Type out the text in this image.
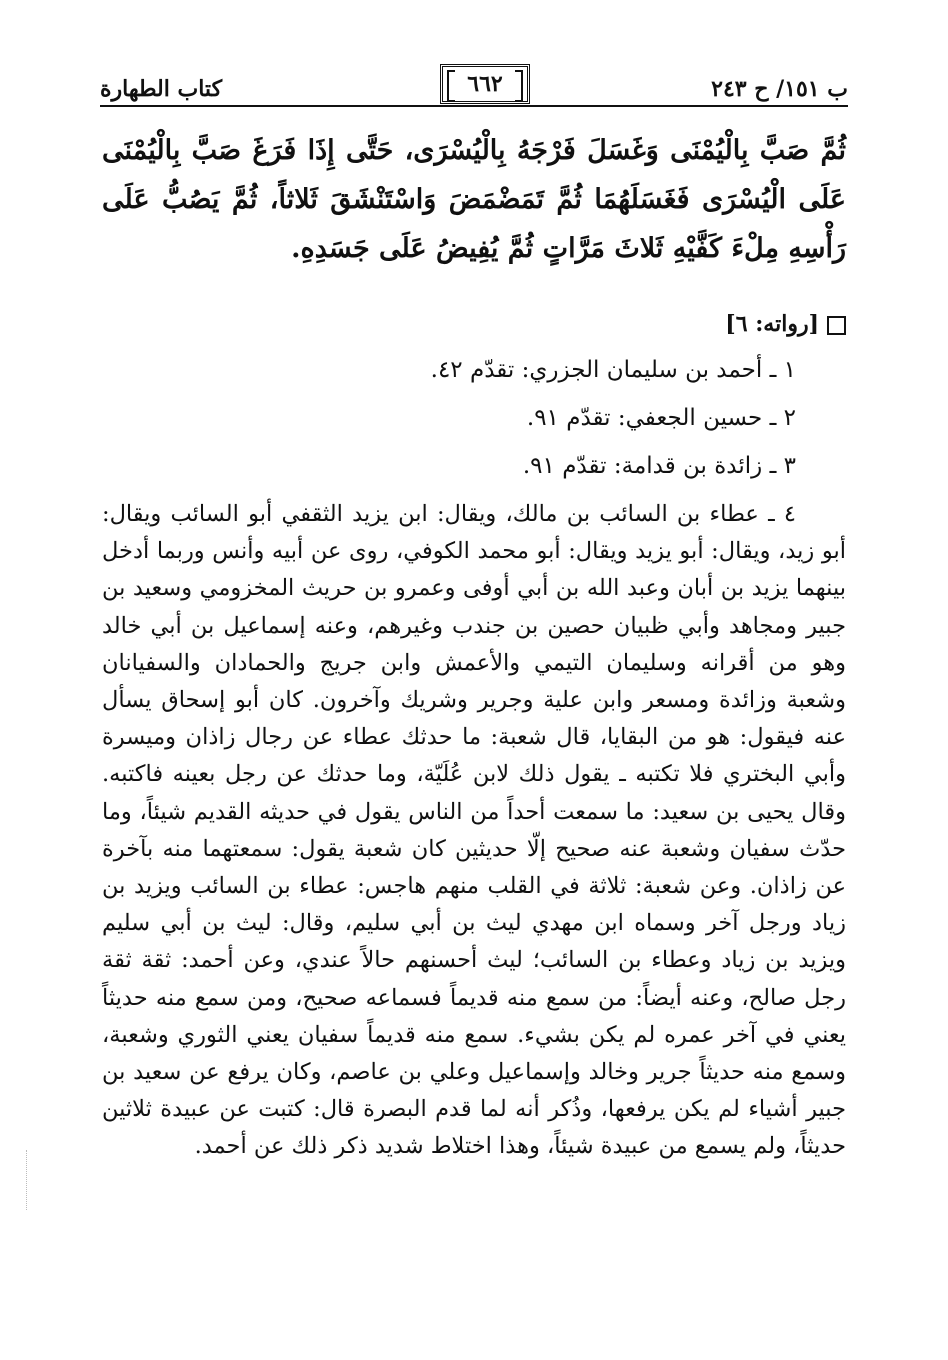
ب ١٥١/ ح ٢٤٣
٦٦٢
كتاب الطهارة
ثُمَّ صَبَّ بِالْيُمْنَى وَغَسَلَ فَرْجَهُ بِالْيُسْرَى، حَتَّى إِذَا فَرَغَ صَبَّ بِالْيُمْنَى عَلَى الْيُسْرَى فَغَسَلَهُمَا ثُمَّ تَمَضْمَضَ وَاسْتَنْشَقَ ثَلاثاً، ثُمَّ يَصُبُّ عَلَى رَأْسِهِ مِلْءَ كَفَّيْهِ ثَلاثَ مَرَّاتٍ ثُمَّ يُفِيضُ عَلَى جَسَدِهِ.
[رواته: ٦]
١ ـ أحمد بن سليمان الجزري: تقدّم ٤٢.
٢ ـ حسين الجعفي: تقدّم ٩١.
٣ ـ زائدة بن قدامة: تقدّم ٩١.
٤ ـ عطاء بن السائب بن مالك، ويقال: ابن يزيد الثقفي أبو السائب ويقال: أبو زيد، ويقال: أبو يزيد ويقال: أبو محمد الكوفي، روى عن أبيه وأنس وربما أدخل بينهما يزيد بن أبان وعبد الله بن أبي أوفى وعمرو بن حريث المخزومي وسعيد بن جبير ومجاهد وأبي ظبيان حصين بن جندب وغيرهم، وعنه إسماعيل بن أبي خالد وهو من أقرانه وسليمان التيمي والأعمش وابن جريج والحمادان والسفيانان وشعبة وزائدة ومسعر وابن علية وجرير وشريك وآخرون. كان أبو إسحاق يسأل عنه فيقول: هو من البقايا، قال شعبة: ما حدثك عطاء عن رجال زاذان وميسرة وأبي البختري فلا تكتبه ـ يقول ذلك لابن عُلَيّة، وما حدثك عن رجل بعينه فاكتبه. وقال يحيى بن سعيد: ما سمعت أحداً من الناس يقول في حديثه القديم شيئاً، وما حدّث سفيان وشعبة عنه صحيح إلّا حديثين كان شعبة يقول: سمعتهما منه بآخرة عن زاذان. وعن شعبة: ثلاثة في القلب منهم هاجس: عطاء بن السائب ويزيد بن زياد ورجل آخر وسماه ابن مهدي ليث بن أبي سليم، وقال: ليث بن أبي سليم ويزيد بن زياد وعطاء بن السائب؛ ليث أحسنهم حالاً عندي، وعن أحمد: ثقة ثقة رجل صالح، وعنه أيضاً: من سمع منه قديماً فسماعه صحيح، ومن سمع منه حديثاً يعني في آخر عمره لم يكن بشيء. سمع منه قديماً سفيان يعني الثوري وشعبة، وسمع منه حديثاً جرير وخالد وإسماعيل وعلي بن عاصم، وكان يرفع عن سعيد بن جبير أشياء لم يكن يرفعها، وذُكر أنه لما قدم البصرة قال: كتبت عن عبيدة ثلاثين حديثاً، ولم يسمع من عبيدة شيئاً، وهذا اختلاط شديد ذكر ذلك عن أحمد.
